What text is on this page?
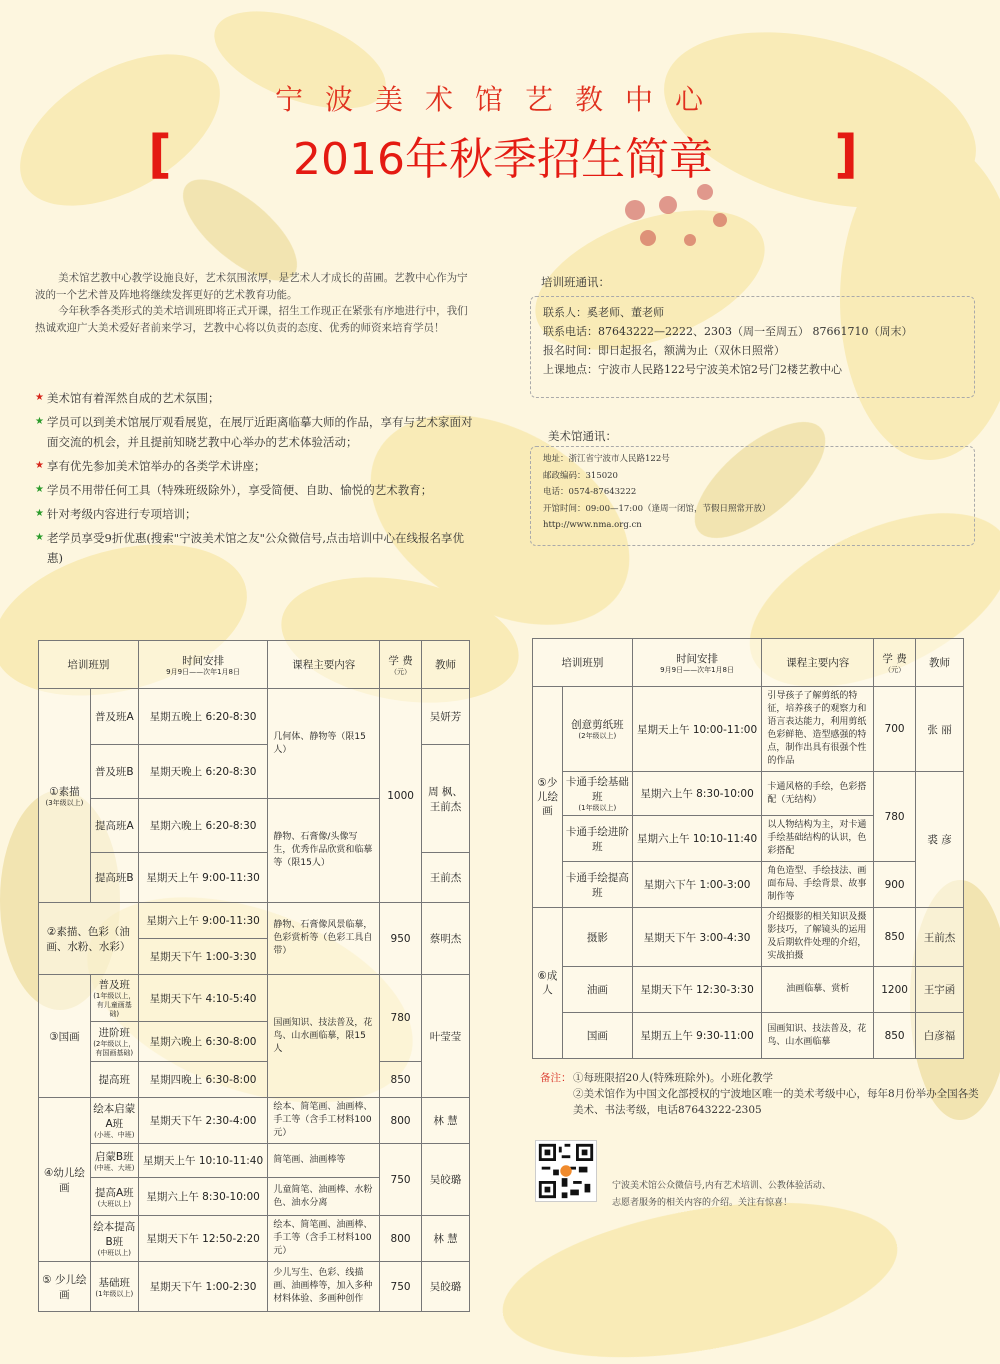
宁波美术馆艺教中心
[	2016年秋季招生简章 ]

美术馆艺教中心教学设施良好，艺术氛围浓厚，是艺术人才成长的苗圃。艺教中心作为宁波的一个艺术普及阵地将继续发挥更好的艺术教育功能。

今年秋季各类形式的美术培训班即将正式开课，招生工作现正在紧张有序地进行中，我们热诚欢迎广大美术爱好者前来学习，艺教中心将以负责的态度、优秀的师资来培育学员！

★ 美术馆有着浑然自成的艺术氛围；
★ 学员可以到美术馆展厅观看展览，在展厅近距离临摹大师的作品，享有与艺术家面对面交流的机会，并且提前知晓艺教中心举办的艺术体验活动；
★ 享有优先参加美术馆举办的各类学术讲座；
★ 学员不用带任何工具（特殊班级除外），享受简便、自助、愉悦的艺术教育；
★ 针对考级内容进行专项培训；
★ 老学员享受9折优惠(搜索"宁波美术馆之友"公众微信号,点击培训中心在线报名享优惠)
培训班通讯：
联系人：奚老师、董老师
联系电话：87643222—2222、2303（周一至周五） 87661710（周末）
报名时间：即日起报名，额满为止（双休日照常）
上课地点：宁波市人民路122号宁波美术馆2号门2楼艺教中心
美术馆通讯：
地址：浙江省宁波市人民路122号
邮政编码：315020
电话：0574-87643222
开馆时间：09:00—17:00（逢周一闭馆，节假日照常开放）
http://www.nma.org.cn
培训班别		时间安排
9月9日——次年1月8日	课程主要内容	学 费
（元）	教师
①素描
(3年级以上)	普及班A	星期五晚上 6:20-8:30	几何体、静物等（限15人）	1000	吴妍芳
	普及班B	星期天晚上 6:20-8:30			周 枫、王前杰
	提高班A	星期六晚上 6:20-8:30	静物、石膏像/头像写生，优秀作品欣赏和临摹等（限15人）		
	提高班B	星期天上午 9:00-11:30			王前杰
②素描、色彩（油画、水粉、水彩）		星期六上午 9:00-11:30	静物、石膏像风景临摹，色彩赏析等（色彩工具自带）	950	蔡明杰
		星期天下午 1:00-3:30			
③国画	普及班
(1年级以上，有儿童画基础)	星期天下午 4:10-5:40	国画知识、技法普及，花鸟、山水画临摹，限15人	780	叶莹莹
	进阶班
(2年级以上，有国画基础)	星期六晚上 6:30-8:00			
	提高班	星期四晚上 6:30-8:00		850	
④幼儿绘画	绘本启蒙A班
(小班、中班)	星期天下午 2:30-4:00	绘本、简笔画、油画棒、手工等（含手工材料100元）	800	林 慧
	启蒙B班
(中班、大班)	星期天上午 10:10-11:40	简笔画、油画棒等	750	吴皎璐
	提高A班
(大班以上)	星期六上午 8:30-10:00	儿童简笔、油画棒、水粉色、油水分离		
	绘本提高B班
(中班以上)	星期天下午 12:50-2:20	绘本、简笔画、油画棒、手工等（含手工材料100元）	800	林 慧
⑤ 少儿绘画	基础班
(1年级以上)	星期天下午 1:00-2:30	少儿写生、色彩、线描画、油画棒等，加入多种材料体验、多画种创作	750	吴皎璐
培训班别		时间安排
9月9日——次年1月8日	课程主要内容	学 费
（元）	教师
⑤少儿绘画	创意剪纸班
(2年级以上)	星期天上午 10:00-11:00	引导孩子了解剪纸的特征，培养孩子的观察力和语言表达能力，利用剪纸色彩鲜艳、造型感强的特点，制作出具有很强个性的作品	700	张 丽
	卡通手绘基础班
(1年级以上)	星期六上午 8:30-10:00	卡通风格的手绘，色彩搭配（无结构）	780	裘 彦
	卡通手绘进阶班	星期六上午 10:10-11:40	以人物结构为主，对卡通手绘基础结构的认识，色彩搭配		
	卡通手绘提高班	星期六下午 1:00-3:00	角色造型、手绘技法、画面布局、手绘背景、故事制作等	900	
⑥成人	摄影	星期天下午 3:00-4:30	介绍摄影的相关知识及摄影技巧，了解镜头的运用及后期软件处理的介绍，实战拍摄	850	王前杰
	油画	星期天下午 12:30-3:30	油画临摹、赏析	1200	王宇函
	国画	星期五上午 9:30-11:00	国画知识、技法普及，花鸟、山水画临摹	850	白彦福
备注： ①每班限招20人(特殊班除外)。小班化教学
②美术馆作为中国文化部授权的宁波地区唯一的美术考级中心，每年8月份举办全国各类美术、书法考级，电话87643222-2305
宁波美术馆公众微信号,内有艺术培训、公教体验活动、
志愿者服务的相关内容的介绍。关注有惊喜！
